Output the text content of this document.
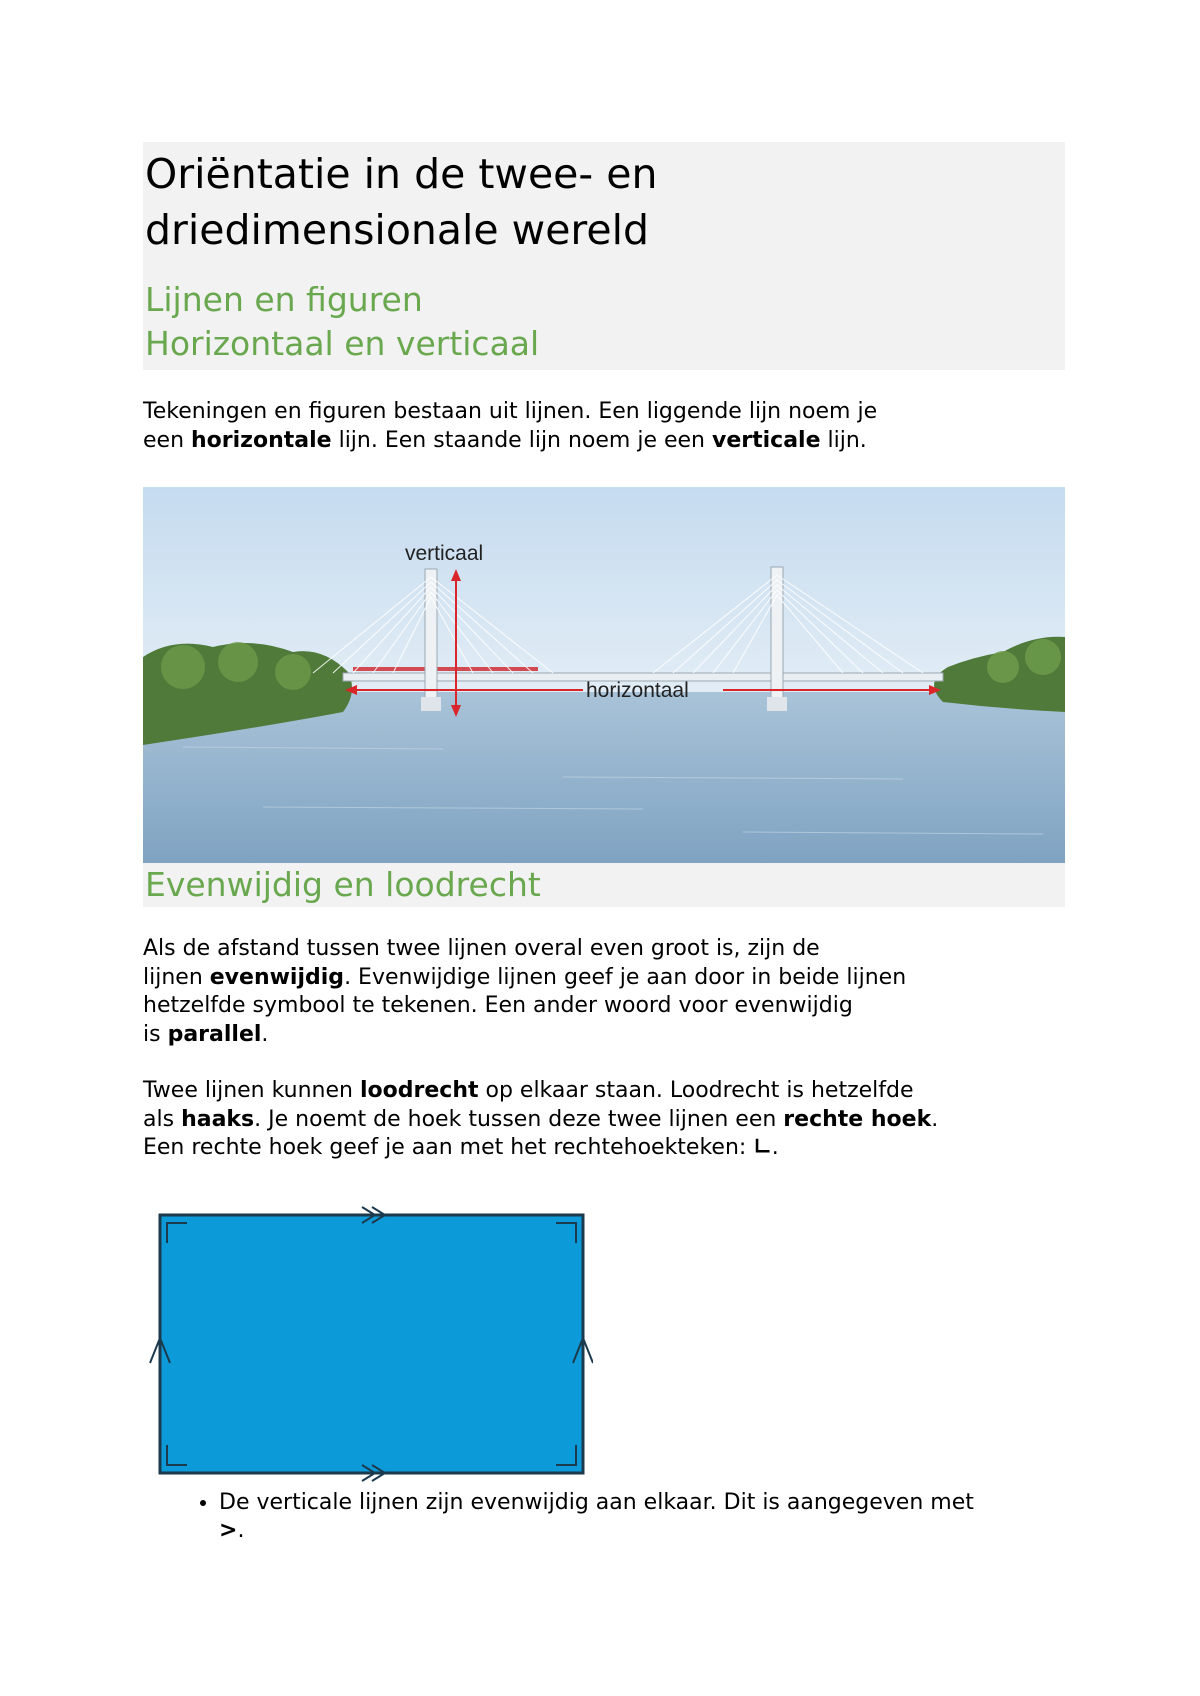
Oriëntatie in de twee- en
driedimensionale wereld
Lijnen en figuren
Horizontaal en verticaal

Tekeningen en figuren bestaan uit lijnen. Een liggende lijn noem je
een horizontale lijn. Een staande lijn noem je een verticale lijn.

verticaal
horizontaal
Evenwijdig en loodrecht

Als de afstand tussen twee lijnen overal even groot is, zijn de
lijnen evenwijdig. Evenwijdige lijnen geef je aan door in beide lijnen
hetzelfde symbool te tekenen. Een ander woord voor evenwijdig
is parallel.

Twee lijnen kunnen loodrecht op elkaar staan. Loodrecht is hetzelfde
als haaks. Je noemt de hoek tussen deze twee lijnen een rechte hoek.
Een rechte hoek geef je aan met het rechtehoekteken: ∟.

• De verticale lijnen zijn evenwijdig aan elkaar. Dit is aangegeven met
>.
